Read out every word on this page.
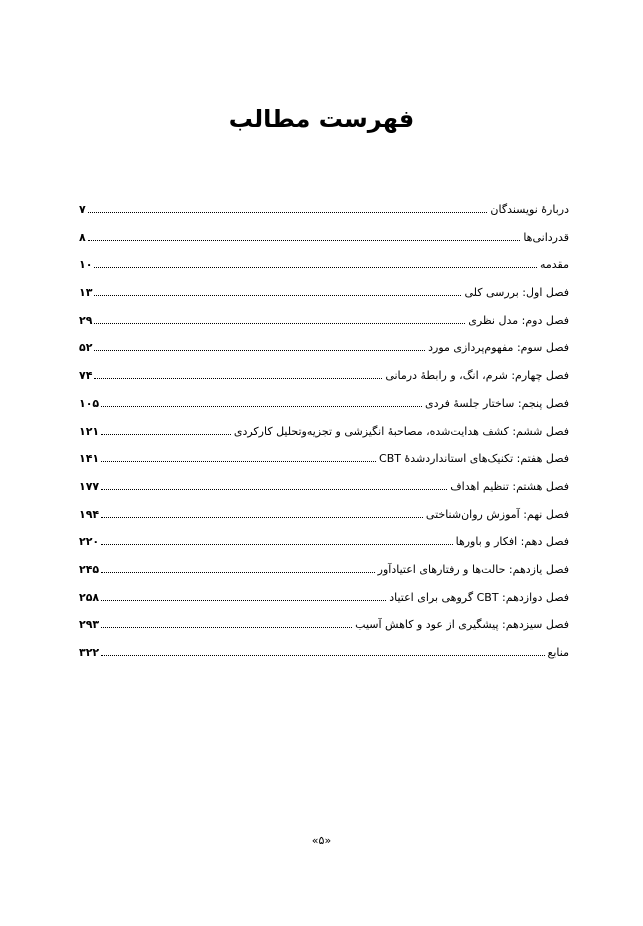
فهرست مطالب
دربارهٔ نویسندگان
۷
قدردانی‌ها
۸
مقدمه
۱۰
فصل اول: بررسی کلی
۱۳
فصل دوم: مدل نظری
۲۹
فصل سوم: مفهوم‌پردازی مورد
۵۲
فصل چهارم: شرم، انگ، و رابطهٔ درمانی
۷۴
فصل پنجم: ساختار جلسهٔ فردی
۱۰۵
فصل ششم: کشف هدایت‌شده، مصاحبهٔ انگیزشی و تجزیه‌وتحلیل کارکردی
۱۲۱
فصل هفتم: تکنیک‌های استانداردشدهٔ CBT
۱۴۱
فصل هشتم: تنظیم اهداف
۱۷۷
فصل نهم: آموزش روان‌شناختی
۱۹۴
فصل دهم: افکار و باورها
۲۲۰
فصل یازدهم: حالت‌ها و رفتارهای اعتیادآور
۲۴۵
فصل دوازدهم: CBT گروهی برای اعتیاد
۲۵۸
فصل سیزدهم: پیشگیری از عود و کاهش آسیب
۲۹۳
منابع
۳۲۲
«۵»
